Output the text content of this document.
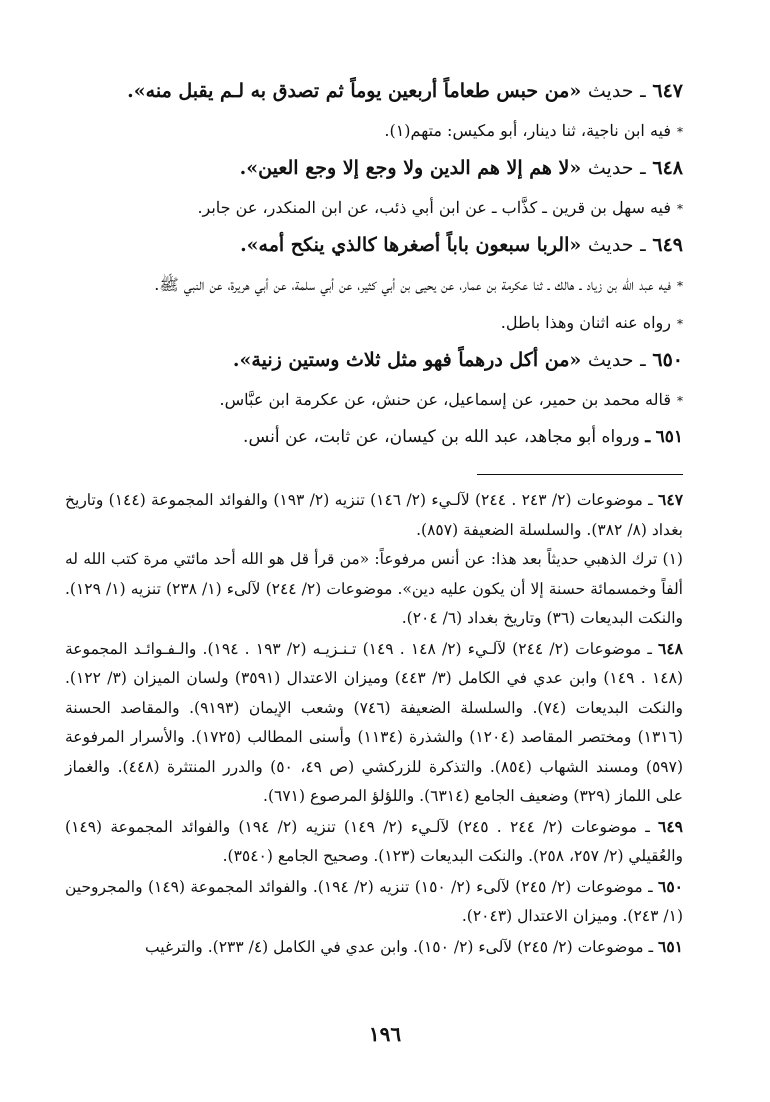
٦٤٧ ـ حديث «من حبس طعاماً أربعين يوماً ثم تصدق به لـم يقبل منه».

*فيه ابن ناجية، ثنا دينار، أبو مكيس: متهم(١).

٦٤٨ ـ حديث «لا هم إلا هم الدين ولا وجع إلا وجع العين».

*فيه سهل بن قرين ـ كذَّاب ـ عن ابن أبي ذئب، عن ابن المنكدر، عن جابر.

٦٤٩ ـ حديث «الربا سبعون باباً أصغرها كالذي ينكح أمه».

*فيه عبد الله بن زياد ـ هالك ـ ثنا عكرمة بن عمار، عن يحيى بن أبي كثير، عن أبي سلمة، عن أبي هريرة، عن النبي ﷺ.

*رواه عنه اثنان وهذا باطل.

٦٥٠ ـ حديث «من أكل درهماً فهو مثل ثلاث وستين زنية».

*قاله محمد بن حمير، عن إسماعيل، عن حنش، عن عكرمة ابن عبَّاس.

٦٥١ ـ ورواه أبو مجاهد، عبد الله بن كيسان، عن ثابت، عن أنس.

٦٤٧ ـ موضوعات (٢/ ٢٤٣ . ٢٤٤) لآلـيء (٢/ ١٤٦) تنزيه (٢/ ١٩٣) والفوائد المجموعة (١٤٤) وتاريخ بغداد (٨/ ٣٨٢). والسلسلة الضعيفة (٨٥٧).

(١) ترك الذهبي حديثاً بعد هذا: عن أنس مرفوعاً: «من قرأ قل هو الله أحد مائتي مرة كتب الله له ألفاً وخمسمائة حسنة إلا أن يكون عليه دين». موضوعات (٢/ ٢٤٤) لآلىء (١/ ٢٣٨) تنزيه (١/ ١٢٩). والنكت البديعات (٣٦) وتاريخ بغداد (٦/ ٢٠٤).

٦٤٨ ـ موضوعات (٢/ ٢٤٤) لآلـيء (٢/ ١٤٨ . ١٤٩) تـنـزيـه (٢/ ١٩٣ . ١٩٤). والـفـوائـد المجموعة (١٤٨ . ١٤٩) وابن عدي في الكامل (٣/ ٤٤٣) وميزان الاعتدال (٣٥٩١) ولسان الميزان (٣/ ١٢٢). والنكت البديعات (٧٤). والسلسلة الضعيفة (٧٤٦) وشعب الإيمان (٩١٩٣). والمقاصد الحسنة (١٣١٦) ومختصر المقاصد (١٢٠٤) والشذرة (١١٣٤) وأسنى المطالب (١٧٢٥). والأسرار المرفوعة (٥٩٧) ومسند الشهاب (٨٥٤). والتذكرة للزركشي (ص ٤٩، ٥٠) والدرر المنتثرة (٤٤٨). والغماز على اللماز (٣٢٩) وضعيف الجامع (٦٣١٤). واللؤلؤ المرصوع (٦٧١).

٦٤٩ ـ موضوعات (٢/ ٢٤٤ . ٢٤٥) لآلـيء (٢/ ١٤٩) تنزيه (٢/ ١٩٤) والفوائد المجموعة (١٤٩) والعُقيلي (٢/ ٢٥٧، ٢٥٨). والنكت البديعات (١٢٣). وصحيح الجامع (٣٥٤٠).

٦٥٠ ـ موضوعات (٢/ ٢٤٥) لآلىء (٢/ ١٥٠) تنزيه (٢/ ١٩٤). والفوائد المجموعة (١٤٩) والمجروحين (١/ ٢٤٣). وميزان الاعتدال (٢٠٤٣).

٦٥١ ـ موضوعات (٢/ ٢٤٥) لآلىء (٢/ ١٥٠). وابن عدي في الكامل (٤/ ٢٣٣). والترغيب

١٩٦
